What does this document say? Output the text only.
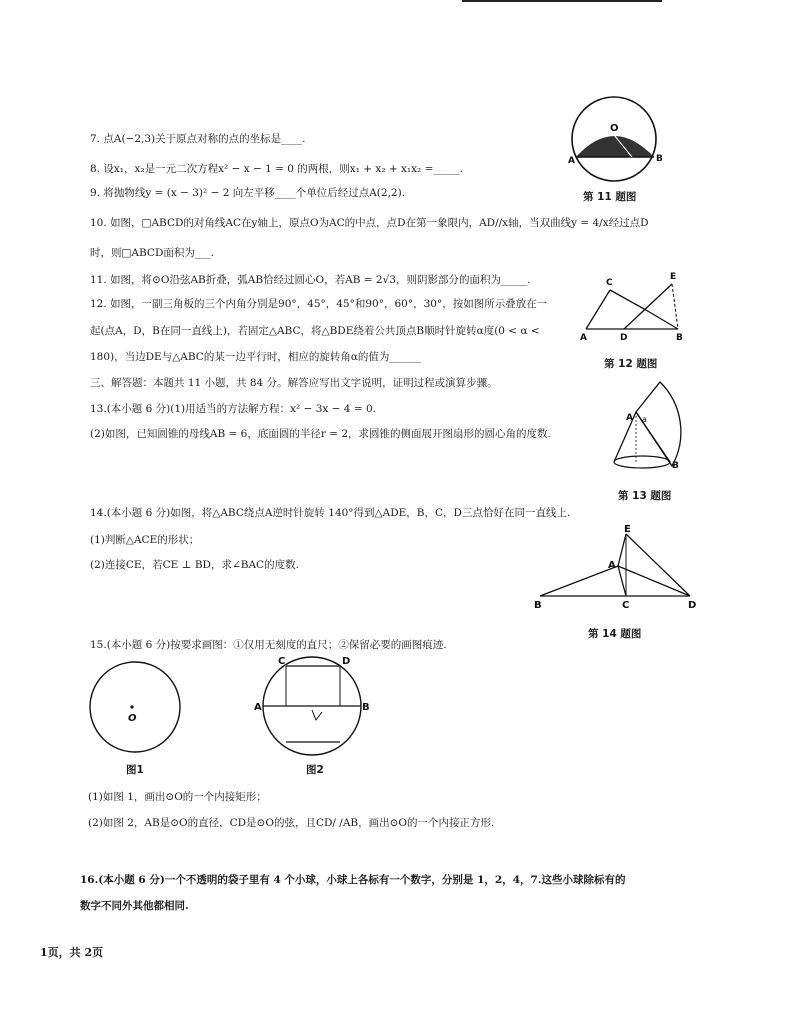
7. 点A(−2,3)关于原点对称的点的坐标是____.
8. 设x₁，x₂是一元二次方程x² − x − 1 = 0 的两根，则x₁ + x₂ + x₁x₂ =_____.
9. 将抛物线y = (x − 3)² − 2 向左平移____个单位后经过点A(2,2).
10. 如图，□ABCD的对角线AC在y轴上，原点O为AC的中点，点D在第一象限内，AD//x轴，当双曲线y = 4/x经过点D
时，则□ABCD面积为___.
11. 如图，将⊙O沿弦AB折叠，弧AB恰经过圆心O，若AB = 2√3，则阴影部分的面积为_____.
12. 如图，一副三角板的三个内角分别是90°，45°，45°和90°，60°，30°，按如图所示叠放在一
起(点A，D，B在同一直线上)，若固定△ABC，将△BDE绕着公共顶点B顺时针旋转α度(0 < α <
180)，当边DE与△ABC的某一边平行时，相应的旋转角α的值为______
三、解答题：本题共 11 小题，共 84 分。解答应写出文字说明，证明过程或演算步骤。
13.(本小题 6 分)(1)用适当的方法解方程：x² − 3x − 4 = 0.
(2)如图，已知圆锥的母线AB = 6，底面圆的半径r = 2，求圆锥的侧面展开图扇形的圆心角的度数.
14.(本小题 6 分)如图，将△ABC绕点A逆时针旋转 140°得到△ADE，B，C，D三点恰好在同一直线上.
(1)判断△ACE的形状；
(2)连接CE，若CE ⊥ BD，求∠BAC的度数.
15.(本小题 6 分)按要求画图：①仅用无刻度的直尺；②保留必要的画图痕迹.
(1)如图 1，画出⊙O的一个内接矩形；
(2)如图 2，AB是⊙O的直径，CD是⊙O的弦，且CD/ /AB，画出⊙O的一个内接正方形.
16.(本小题 6 分)一个不透明的袋子里有 4 个小球，小球上各标有一个数字，分别是 1，2，4，7.这些小球除标有的
数字不同外其他都相同.
O
A	B
第 11 题图
C
E
A	D	B
第 12 题图
A a
B
第 13 题图
E
A
B	C	D
第 14 题图
O
图1
C	D
A	B
图2
1页，共 2页
